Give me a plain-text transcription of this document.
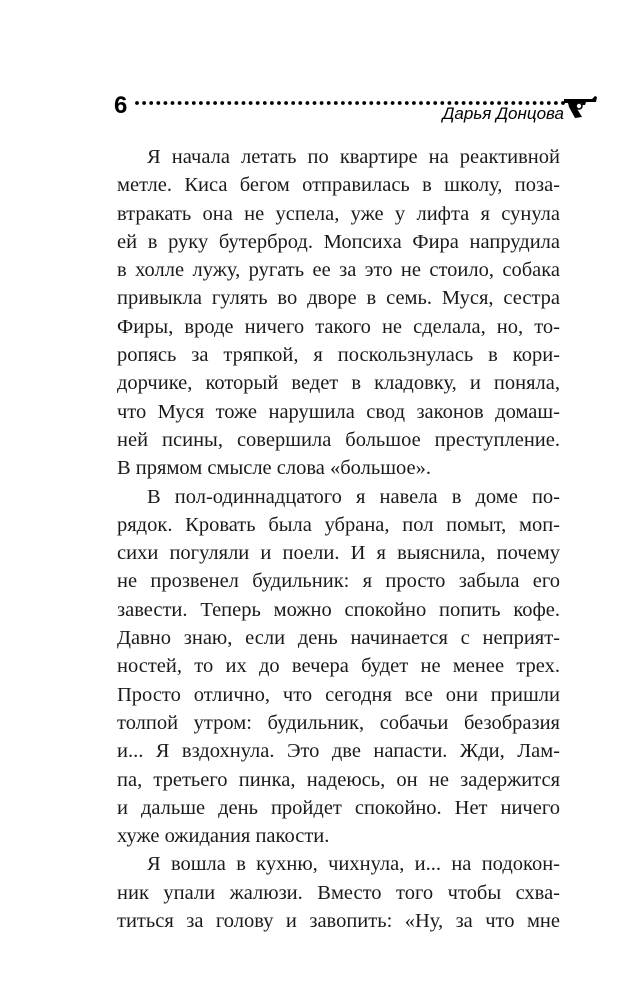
6	Дарья Донцова
Я начала летать по квартире на реактивной
метле. Киса бегом отправилась в школу, поза-
втракать она не успела, уже у лифта я сунула
ей в руку бутерброд. Мопсиха Фира напрудила
в холле лужу, ругать ее за это не стоило, собака
привыкла гулять во дворе в семь. Муся, сестра
Фиры, вроде ничего такого не сделала, но, то-
ропясь за тряпкой, я поскользнулась в кори-
дорчике, который ведет в кладовку, и поняла,
что Муся тоже нарушила свод законов домаш-
ней псины, совершила большое преступление.
В прямом смысле слова «большое».
В пол-одиннадцатого я навела в доме по-
рядок. Кровать была убрана, пол помыт, моп-
сихи погуляли и поели. И я выяснила, почему
не прозвенел будильник: я просто забыла его
завести. Теперь можно спокойно попить кофе.
Давно знаю, если день начинается с неприят-
ностей, то их до вечера будет не менее трех.
Просто отлично, что сегодня все они пришли
толпой утром: будильник, собачьи безобразия
и... Я вздохнула. Это две напасти. Жди, Лам-
па, третьего пинка, надеюсь, он не задержится
и дальше день пройдет спокойно. Нет ничего
хуже ожидания пакости.
Я вошла в кухню, чихнула, и... на подокон-
ник упали жалюзи. Вместо того чтобы схва-
титься за голову и завопить: «Ну, за что мне
